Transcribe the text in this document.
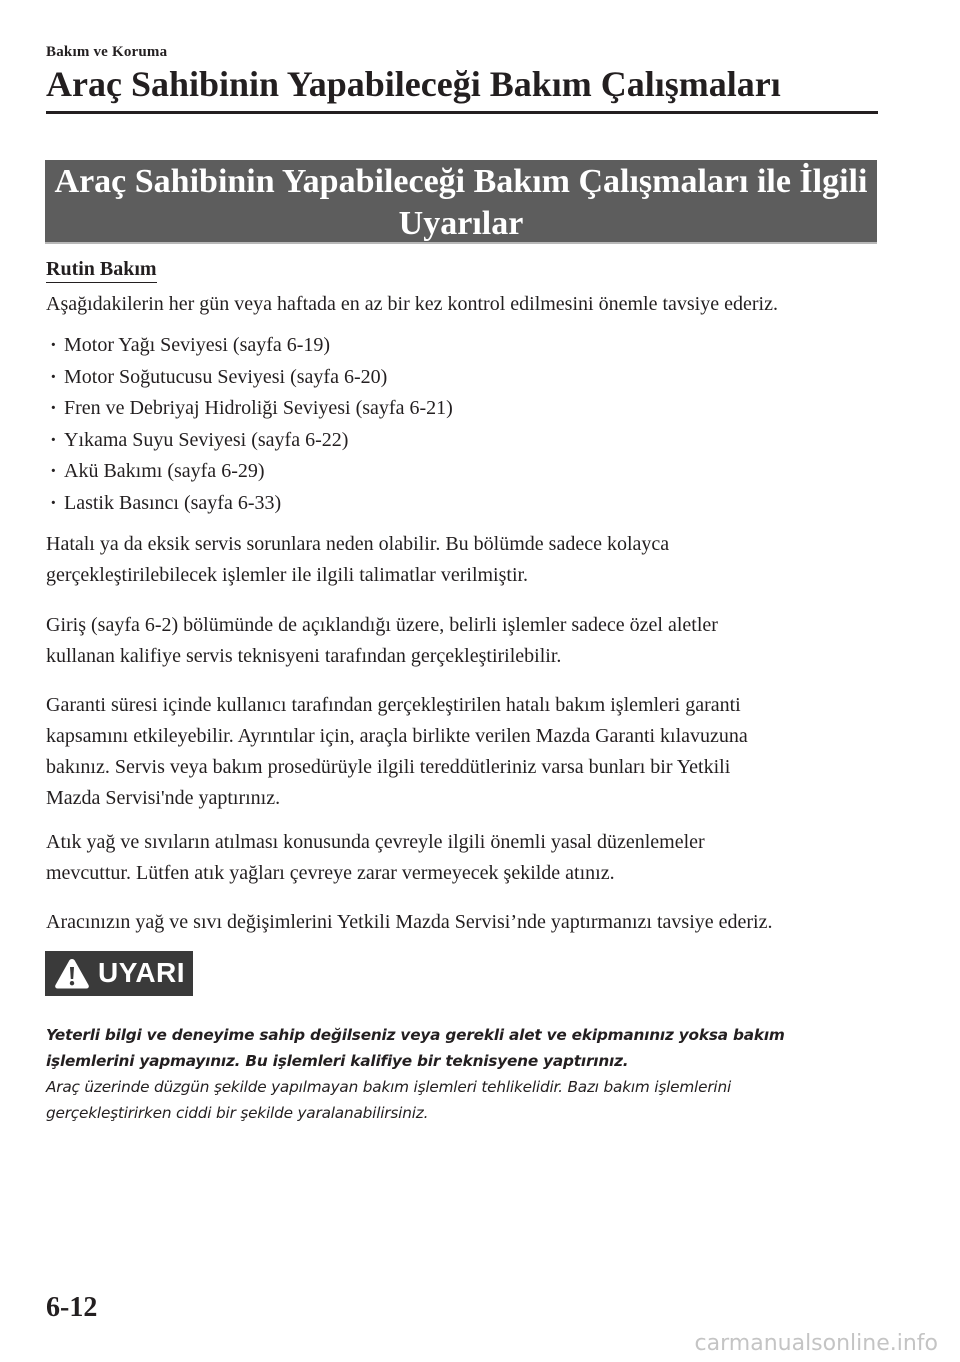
Bakım ve Koruma
Araç Sahibinin Yapabileceği Bakım Çalışmaları
Araç Sahibinin Yapabileceği Bakım Çalışmaları ile İlgili
Uyarılar
Rutin Bakım

Aşağıdakilerin her gün veya haftada en az bir kez kontrol edilmesini önemle tavsiye ederiz.

· Motor Yağı Seviyesi (sayfa 6-19)
· Motor Soğutucusu Seviyesi (sayfa 6-20)
· Fren ve Debriyaj Hidroliği Seviyesi (sayfa 6-21)
· Yıkama Suyu Seviyesi (sayfa 6-22)
· Akü Bakımı (sayfa 6-29)
· Lastik Basıncı (sayfa 6-33)

Hatalı ya da eksik servis sorunlara neden olabilir. Bu bölümde sadece kolayca
gerçekleştirilebilecek işlemler ile ilgili talimatlar verilmiştir.

Giriş (sayfa 6-2) bölümünde de açıklandığı üzere, belirli işlemler sadece özel aletler
kullanan kalifiye servis teknisyeni tarafından gerçekleştirilebilir.

Garanti süresi içinde kullanıcı tarafından gerçekleştirilen hatalı bakım işlemleri garanti
kapsamını etkileyebilir. Ayrıntılar için, araçla birlikte verilen Mazda Garanti kılavuzuna
bakınız. Servis veya bakım prosedürüyle ilgili tereddütleriniz varsa bunları bir Yetkili
Mazda Servisi'nde yaptırınız.

Atık yağ ve sıvıların atılması konusunda çevreyle ilgili önemli yasal düzenlemeler
mevcuttur. Lütfen atık yağları çevreye zarar vermeyecek şekilde atınız.

Aracınızın yağ ve sıvı değişimlerini Yetkili Mazda Servisi’nde yaptırmanızı tavsiye ederiz.

UYARI

Yeterli bilgi ve deneyime sahip değilseniz veya gerekli alet ve ekipmanınız yoksa bakım
işlemlerini yapmayınız. Bu işlemleri kalifiye bir teknisyene yaptırınız.
Araç üzerinde düzgün şekilde yapılmayan bakım işlemleri tehlikelidir. Bazı bakım işlemlerini
gerçekleştirirken ciddi bir şekilde yaralanabilirsiniz.

6-12
carmanualsonline.info
